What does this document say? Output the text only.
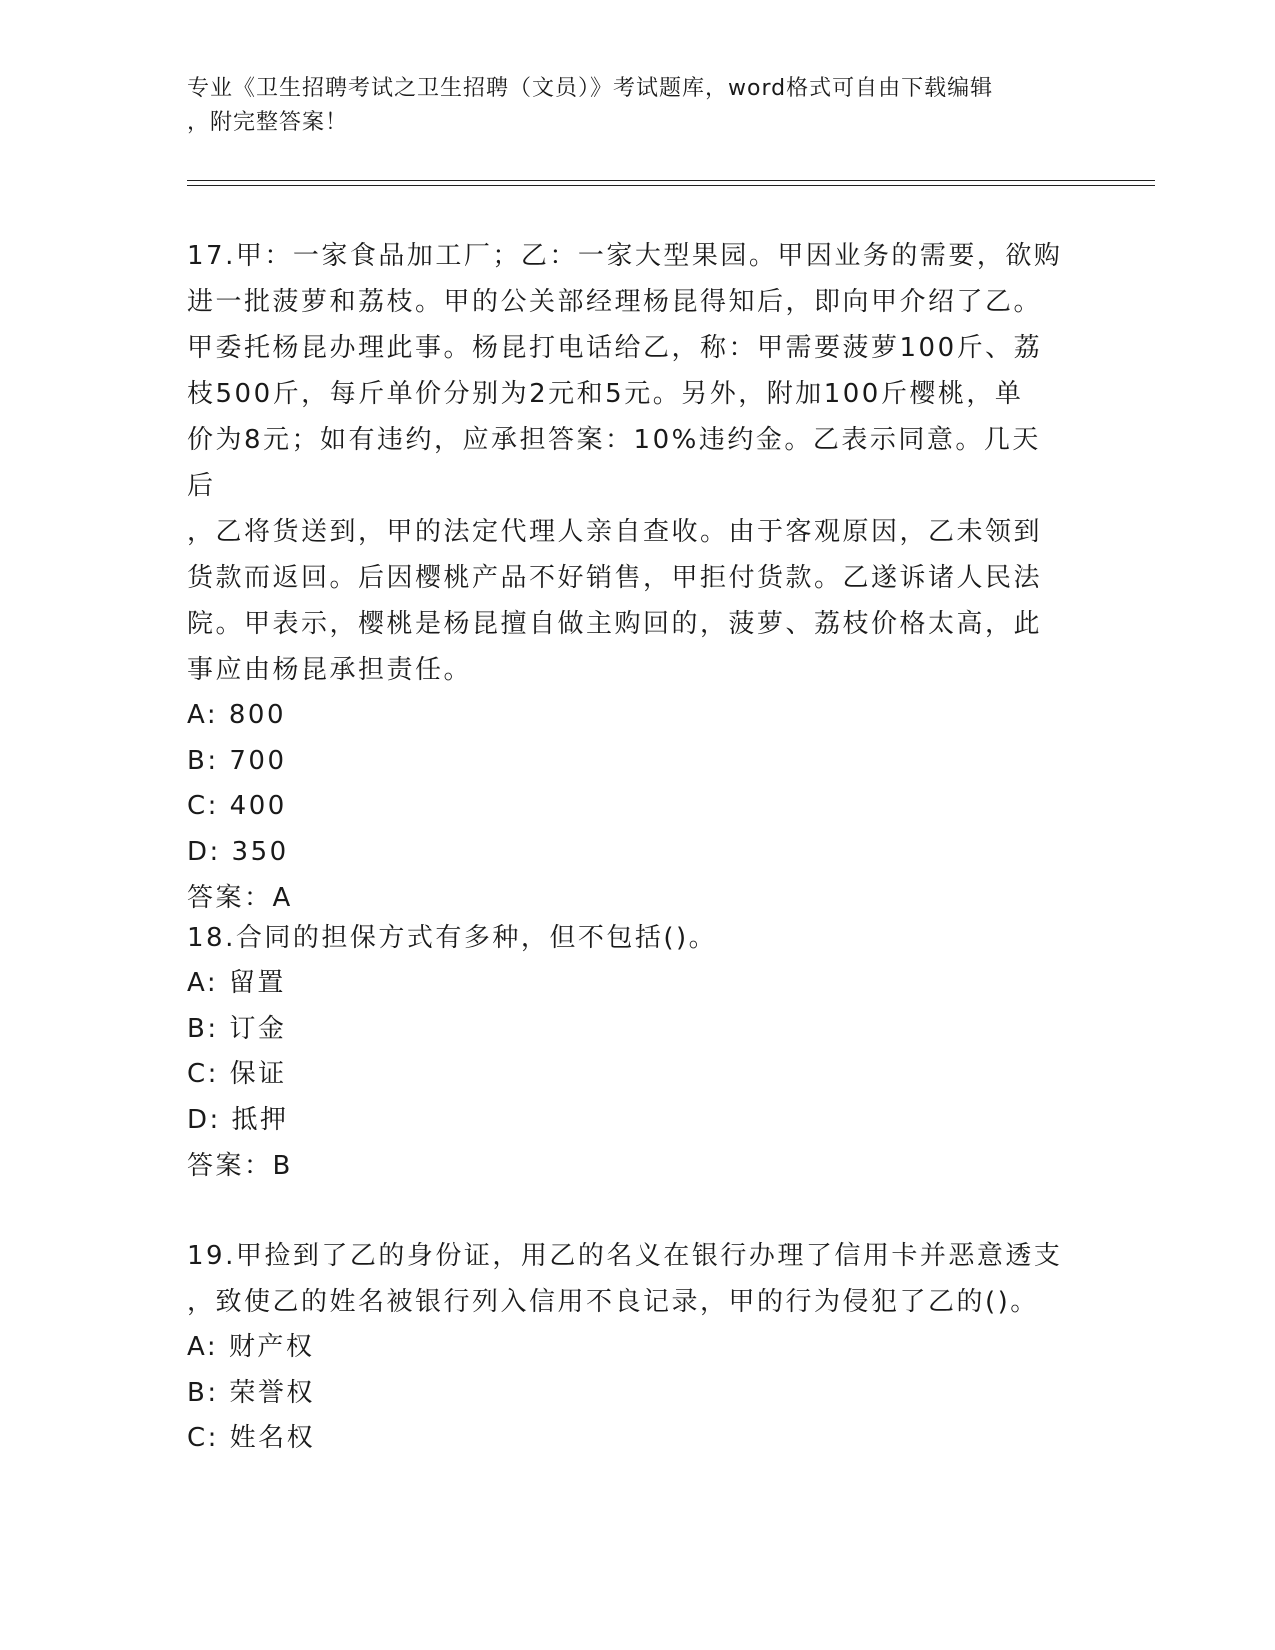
专业《卫生招聘考试之卫生招聘（文员）》考试题库，word格式可自由下载编辑
，附完整答案！
17.甲：一家食品加工厂；乙：一家大型果园。甲因业务的需要，欲购
进一批菠萝和荔枝。甲的公关部经理杨昆得知后，即向甲介绍了乙。
甲委托杨昆办理此事。杨昆打电话给乙，称：甲需要菠萝100斤、荔
枝500斤，每斤单价分别为2元和5元。另外，附加100斤樱桃，单
价为8元；如有违约，应承担答案：10%违约金。乙表示同意。几天后
，乙将货送到，甲的法定代理人亲自查收。由于客观原因，乙未领到
货款而返回。后因樱桃产品不好销售，甲拒付货款。乙遂诉诸人民法
院。甲表示，樱桃是杨昆擅自做主购回的，菠萝、荔枝价格太高，此
事应由杨昆承担责任。
A: 800
B: 700
C: 400
D: 350
答案：A
18.合同的担保方式有多种，但不包括()。
A: 留置
B: 订金
C: 保证
D: 抵押
答案：B
19.甲捡到了乙的身份证，用乙的名义在银行办理了信用卡并恶意透支
，致使乙的姓名被银行列入信用不良记录，甲的行为侵犯了乙的()。
A: 财产权
B: 荣誉权
C: 姓名权
